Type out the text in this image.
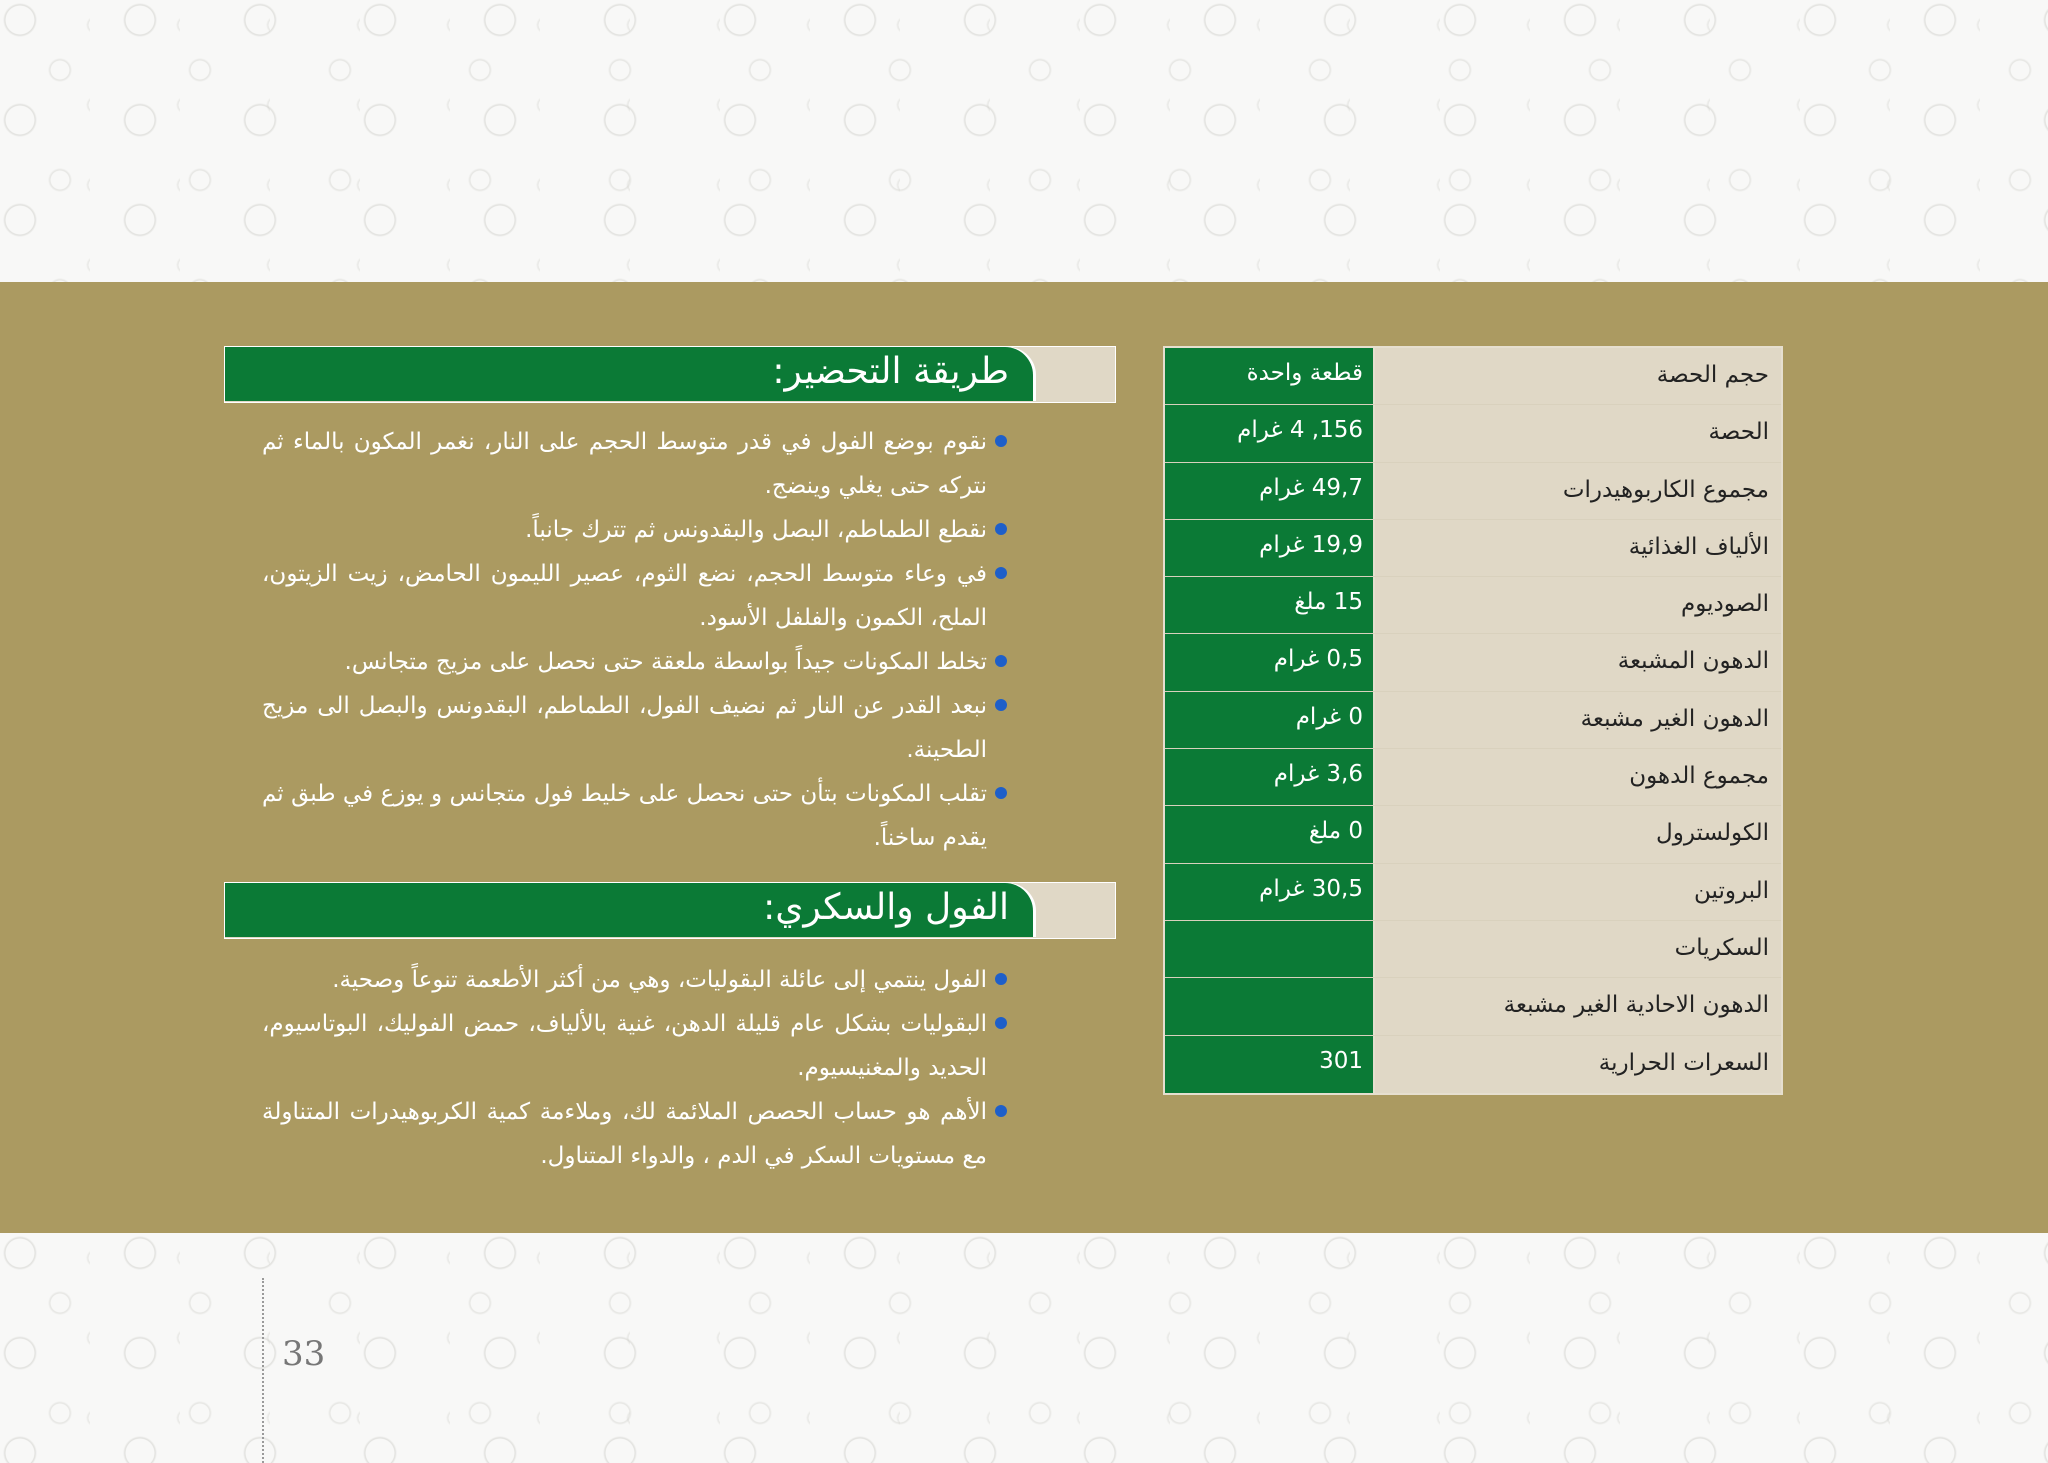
قطعة واحدة	حجم الحصة
156, 4 غرام	الحصة
49,7 غرام	مجموع الكاربوهيدرات
19,9 غرام	الألياف الغذائية
15 ملغ	الصوديوم
0,5 غرام	الدهون المشبعة
0 غرام	الدهون الغير مشبعة
3,6 غرام	مجموع الدهون
0 ملغ	الكولسترول
30,5 غرام	البروتين
السكريات
الدهون الاحادية الغير مشبعة
301	السعرات الحرارية
طريقة التحضير:
نقوم بوضع الفول في قدر متوسط الحجم على النار، نغمر المكون بالماء ثم نتركه حتى يغلي وينضج.
نقطع الطماطم، البصل والبقدونس ثم تترك جانباً.
في وعاء متوسط الحجم، نضع الثوم، عصير الليمون الحامض، زيت الزيتون، الملح، الكمون والفلفل الأسود.
تخلط المكونات جيداً بواسطة ملعقة حتى نحصل على مزيج متجانس.
نبعد القدر عن النار ثم نضيف الفول، الطماطم، البقدونس والبصل الى مزيج الطحينة.
تقلب المكونات بتأن حتى نحصل على خليط فول متجانس و يوزع في طبق ثم يقدم ساخناً.
الفول والسكري:
الفول ينتمي إلى عائلة البقوليات، وهي من أكثر الأطعمة تنوعاً وصحية.
البقوليات بشكل عام قليلة الدهن، غنية بالألياف، حمض الفوليك، البوتاسيوم، الحديد والمغنيسيوم.
الأهم هو حساب الحصص الملائمة لك، وملاءمة كمية الكربوهيدرات المتناولة مع مستويات السكر في الدم ، والدواء المتناول.
33
